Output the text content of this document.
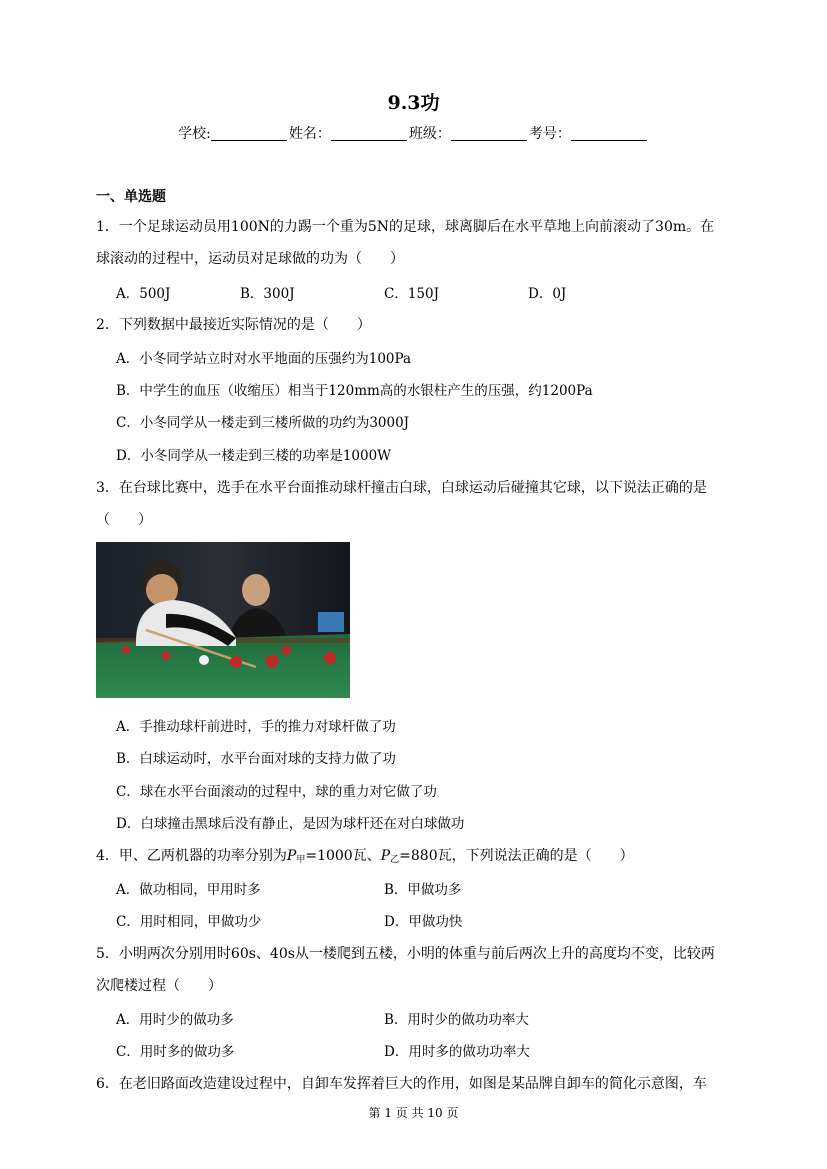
9.3功
学校:	姓名：	班级：	考号：
一、单选题
1．一个足球运动员用100N的力踢一个重为5N的足球，球离脚后在水平草地上向前滚动了30m。在
球滚动的过程中，运动员对足球做的功为（　　）
A．500J	B．300J	C．150J	D．0J
2．下列数据中最接近实际情况的是（　　）
A．小冬同学站立时对水平地面的压强约为100Pa
B．中学生的血压（收缩压）相当于120mm高的水银柱产生的压强，约1200Pa
C．小冬同学从一楼走到三楼所做的功约为3000J
D．小冬同学从一楼走到三楼的功率是1000W
3．在台球比赛中，选手在水平台面推动球杆撞击白球，白球运动后碰撞其它球，以下说法正确的是
（　　）
A．手推动球杆前进时，手的推力对球杆做了功
B．白球运动时，水平台面对球的支持力做了功
C．球在水平台面滚动的过程中，球的重力对它做了功
D．白球撞击黑球后没有静止，是因为球杆还在对白球做功
4．甲、乙两机器的功率分别为$P_甲=1000$瓦、$P_乙=880$瓦，下列说法正确的是（　　）
A．做功相同，甲用时多	B．甲做功多
C．用时相同，甲做功少	D．甲做功快
5．小明两次分别用时60s、40s从一楼爬到五楼，小明的体重与前后两次上升的高度均不变，比较两
次爬楼过程（　　）
A．用时少的做功多	B．用时少的做功功率大
C．用时多的做功多	D．用时多的做功功率大
6．在老旧路面改造建设过程中，自卸车发挥着巨大的作用，如图是某品牌自卸车的简化示意图，车
第 1 页 共 10 页
